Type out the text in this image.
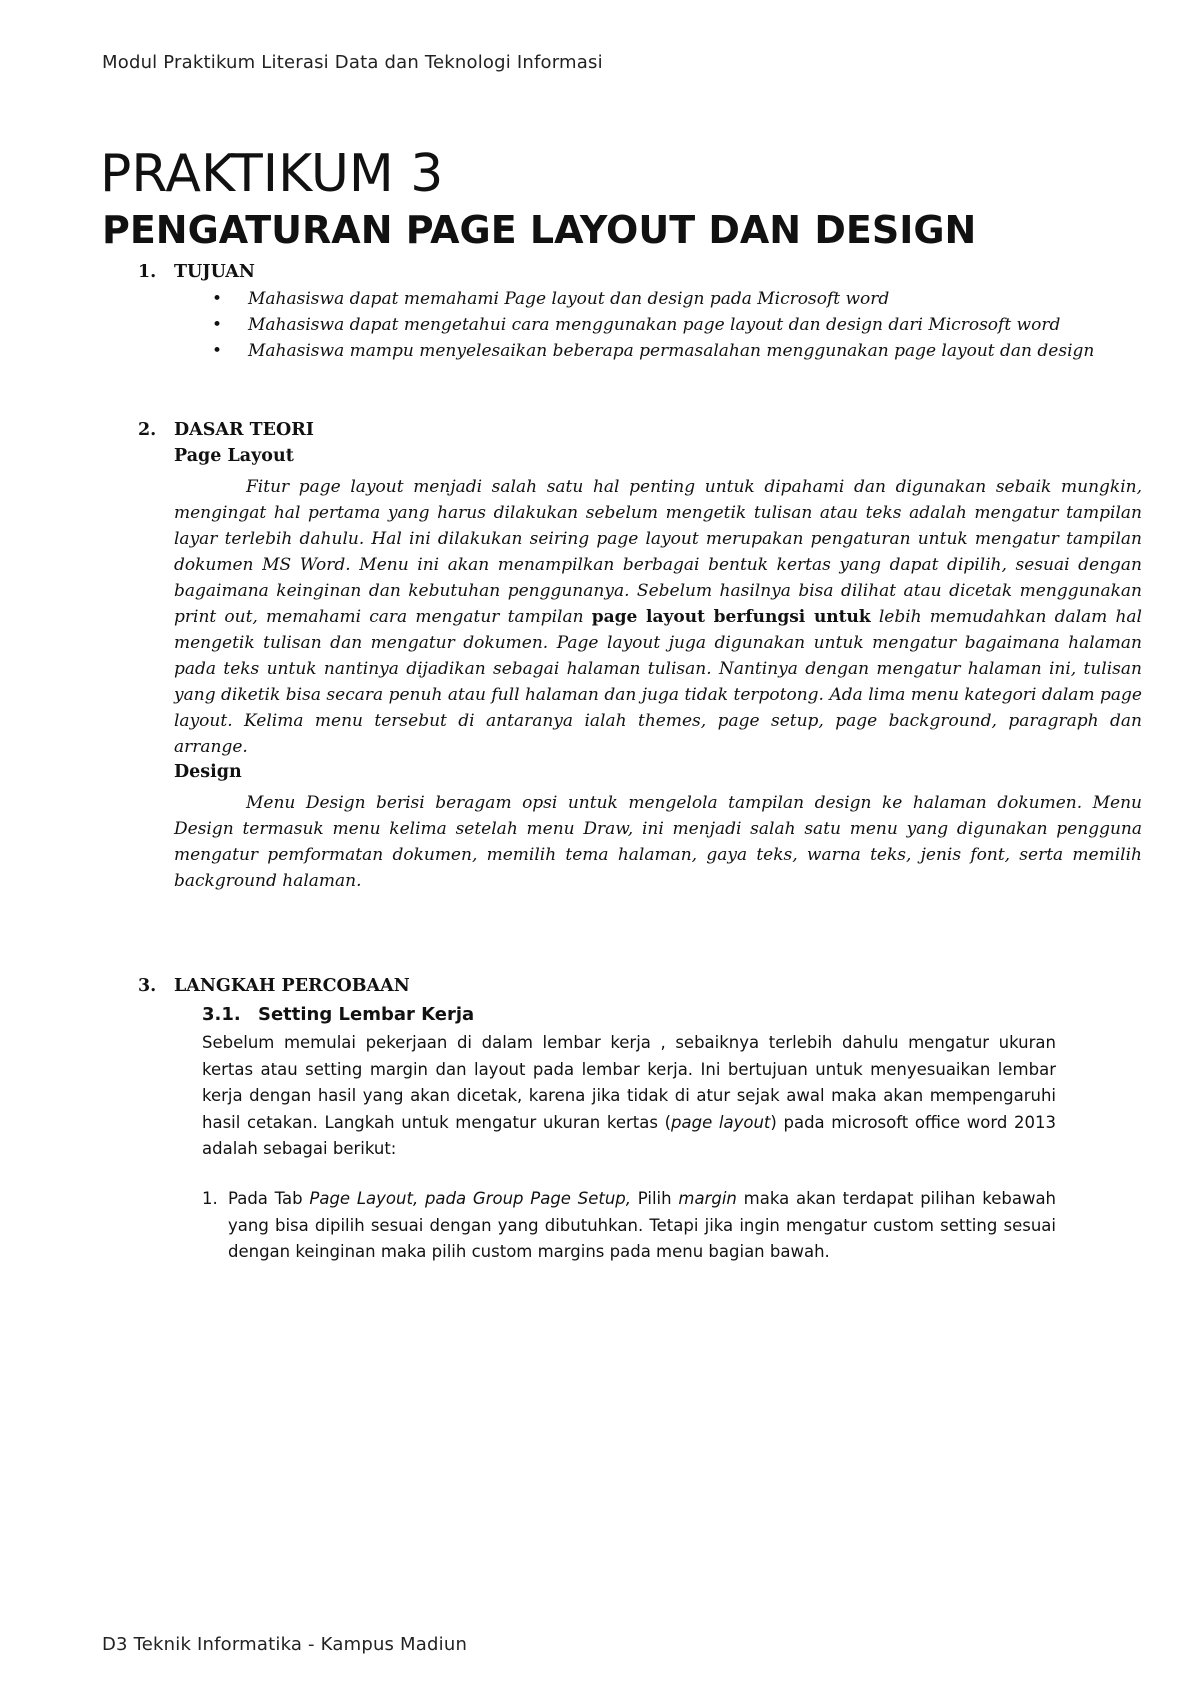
Modul Praktikum Literasi Data dan Teknologi Informasi
PRAKTIKUM 3
PENGATURAN PAGE LAYOUT DAN DESIGN
1. TUJUAN
• Mahasiswa dapat memahami Page layout dan design pada Microsoft word
• Mahasiswa dapat mengetahui cara menggunakan page layout dan design dari Microsoft word
• Mahasiswa mampu menyelesaikan beberapa permasalahan menggunakan page layout dan design
2. DASAR TEORI
Page Layout

Fitur page layout menjadi salah satu hal penting untuk dipahami dan digunakan sebaik mungkin, mengingat hal pertama yang harus dilakukan sebelum mengetik tulisan atau teks adalah mengatur tampilan layar terlebih dahulu. Hal ini dilakukan seiring page layout merupakan pengaturan untuk mengatur tampilan dokumen MS Word. Menu ini akan menampilkan berbagai bentuk kertas yang dapat dipilih, sesuai dengan bagaimana keinginan dan kebutuhan penggunanya. Sebelum hasilnya bisa dilihat atau dicetak menggunakan print out, memahami cara mengatur tampilan page layout berfungsi untuk lebih memudahkan dalam hal mengetik tulisan dan mengatur dokumen. Page layout juga digunakan untuk mengatur bagaimana halaman pada teks untuk nantinya dijadikan sebagai halaman tulisan. Nantinya dengan mengatur halaman ini, tulisan yang diketik bisa secara penuh atau full halaman dan juga tidak terpotong. Ada lima menu kategori dalam page layout. Kelima menu tersebut di antaranya ialah themes, page setup, page background, paragraph dan arrange.

Design

Menu Design berisi beragam opsi untuk mengelola tampilan design ke halaman dokumen. Menu Design termasuk menu kelima setelah menu Draw, ini menjadi salah satu menu yang digunakan pengguna mengatur pemformatan dokumen, memilih tema halaman, gaya teks, warna teks, jenis font, serta memilih background halaman.

3. LANGKAH PERCOBAAN
3.1. Setting Lembar Kerja

Sebelum memulai pekerjaan di dalam lembar kerja , sebaiknya terlebih dahulu mengatur ukuran kertas atau setting margin dan layout pada lembar kerja. Ini bertujuan untuk menyesuaikan lembar kerja dengan hasil yang akan dicetak, karena jika tidak di atur sejak awal maka akan mempengaruhi hasil cetakan. Langkah untuk mengatur ukuran kertas (page layout) pada microsoft office word 2013 adalah sebagai berikut:

1. Pada Tab Page Layout, pada Group Page Setup, Pilih margin maka akan terdapat pilihan kebawah yang bisa dipilih sesuai dengan yang dibutuhkan. Tetapi jika ingin mengatur custom setting sesuai dengan keinginan maka pilih custom margins pada menu bagian bawah.
D3 Teknik Informatika - Kampus Madiun
